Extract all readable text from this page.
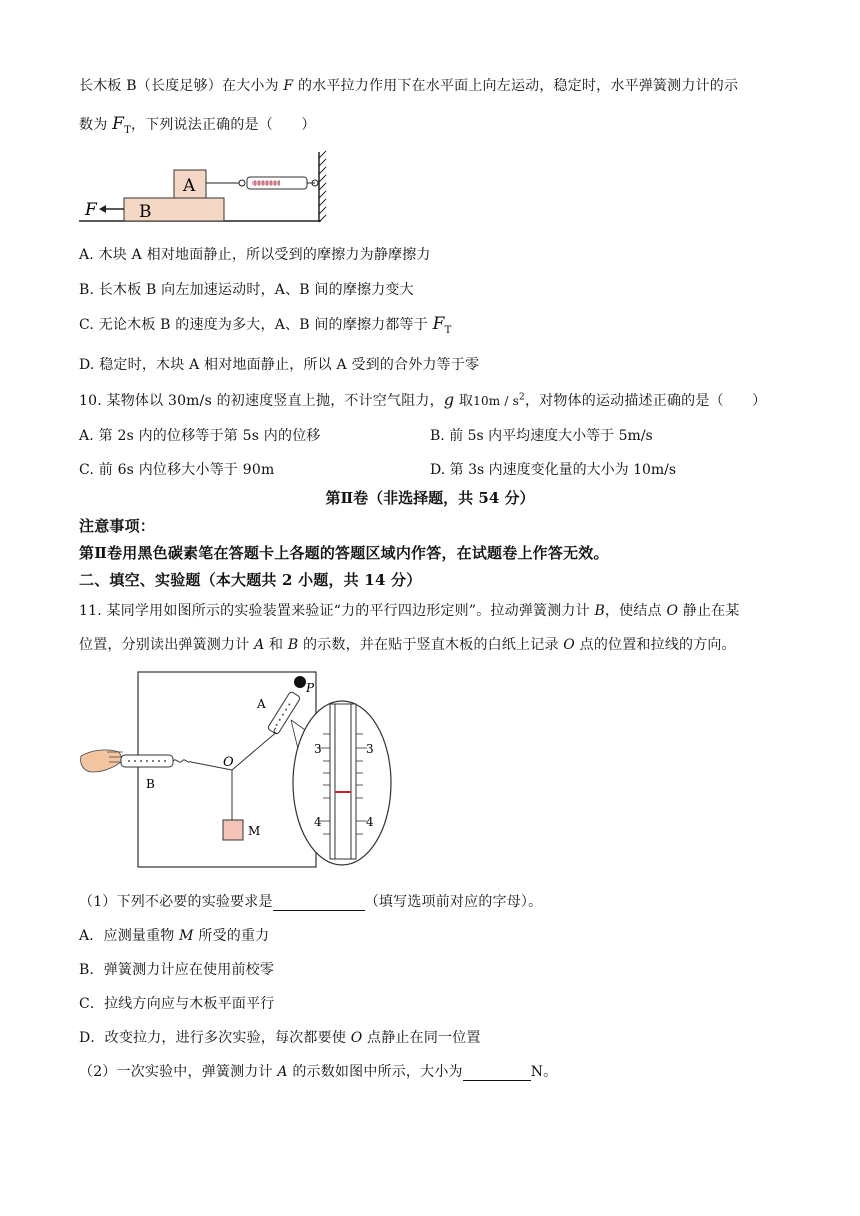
长木板 B（长度足够）在大小为 F 的水平拉力作用下在水平面上向左运动，稳定时，水平弹簧测力计的示
数为 $F_T$，下列说法正确的是（　　）
B
A
F
A. 木块 A 相对地面静止，所以受到的摩擦力为静摩擦力
B. 长木板 B 向左加速运动时，A、B 间的摩擦力变大
C. 无论木板 B 的速度为多大，A、B 间的摩擦力都等于 $F_T$
D. 稳定时，木块 A 相对地面静止，所以 A 受到的合外力等于零
10. 某物体以 30m/s 的初速度竖直上抛，不计空气阻力，g 取$10m / s^2$，对物体的运动描述正确的是（　　）
A. 第 2s 内的位移等于第 5s 内的位移	B. 前 5s 内平均速度大小等于 5m/s
C. 前 6s 内位移大小等于 90m	D. 第 3s 内速度变化量的大小为 10m/s
第Ⅱ卷（非选择题，共 54 分）
注意事项：
第Ⅱ卷用黑色碳素笔在答题卡上各题的答题区域内作答，在试题卷上作答无效。
二、填空、实验题（本大题共 2 小题，共 14 分）
11. 某同学用如图所示的实验装置来验证“力的平行四边形定则”。拉动弹簧测力计 B，使结点 O 静止在某
位置，分别读出弹簧测力计 A 和 B 的示数，并在贴于竖直木板的白纸上记录 O 点的位置和拉线的方向。
B
O
M
A
P
3	3
4	4
（1）下列不必要的实验要求是	（填写选项前对应的字母）。
A．应测量重物 M 所受的重力
B．弹簧测力计应在使用前校零
C．拉线方向应与木板平面平行
D．改变拉力，进行多次实验，每次都要使 O 点静止在同一位置
（2）一次实验中，弹簧测力计 A 的示数如图中所示，大小为	N。
